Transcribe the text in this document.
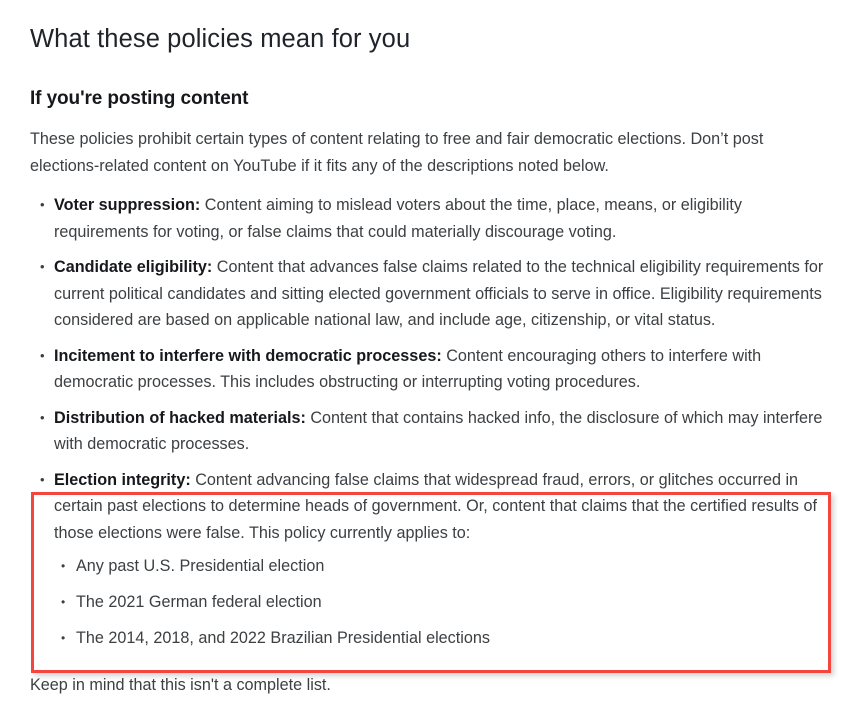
What these policies mean for you
If you're posting content

These policies prohibit certain types of content relating to free and fair democratic elections. Don’t post elections-related content on YouTube if it fits any of the descriptions noted below.

• Voter suppression: Content aiming to mislead voters about the time, place, means, or eligibility requirements for voting, or false claims that could materially discourage voting.
• Candidate eligibility: Content that advances false claims related to the technical eligibility requirements for current political candidates and sitting elected government officials to serve in office. Eligibility requirements considered are based on applicable national law, and include age, citizenship, or vital status.
• Incitement to interfere with democratic processes: Content encouraging others to interfere with democratic processes. This includes obstructing or interrupting voting procedures.
• Distribution of hacked materials: Content that contains hacked info, the disclosure of which may interfere with democratic processes.
• Election integrity: Content advancing false claims that widespread fraud, errors, or glitches occurred in certain past elections to determine heads of government. Or, content that claims that the certified results of those elections were false. This policy currently applies to:
• Any past U.S. Presidential election
• The 2021 German federal election
• The 2014, 2018, and 2022 Brazilian Presidential elections

Keep in mind that this isn't a complete list.
